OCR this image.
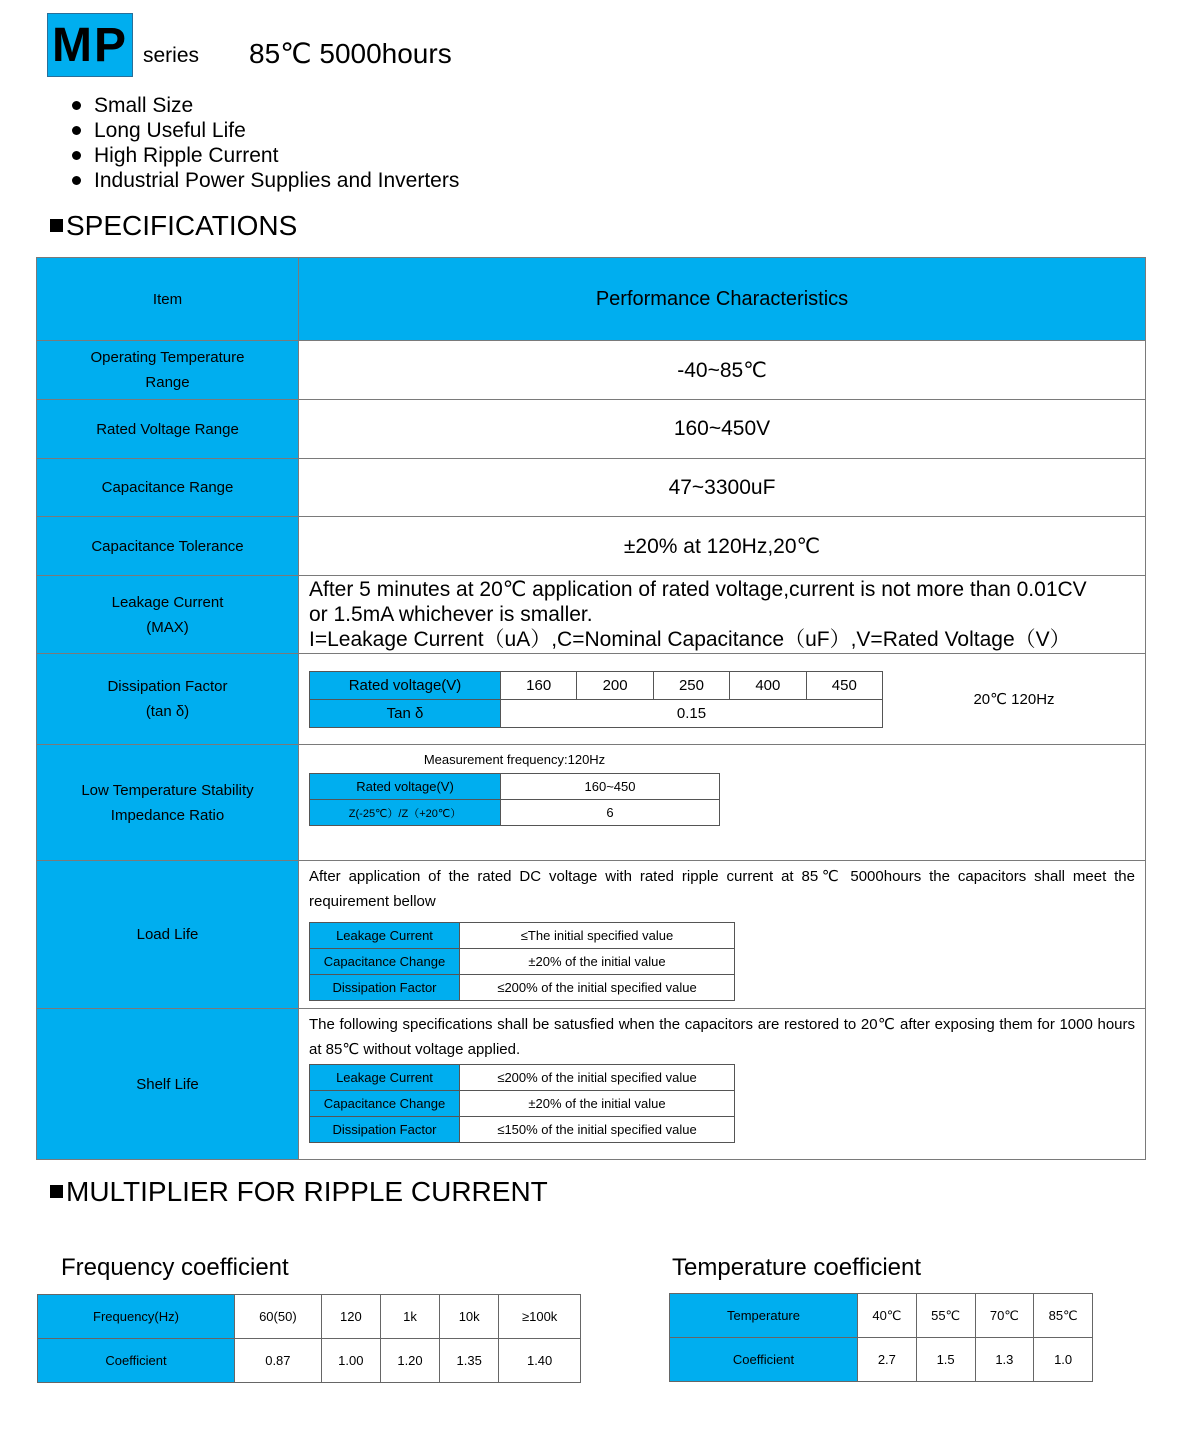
MP series 85℃ 5000hours
Small Size
Long Useful Life
High Ripple Current
Industrial Power Supplies and Inverters
SPECIFICATIONS
Item	Performance Characteristics

Operating Temperature
Range
	-40~85℃
Rated Voltage Range	160~450V
Capacitance Range	47~3300uF
Capacitance Tolerance	±20% at 120Hz,20℃

Leakage Current
(MAX)

After 5 minutes at 20℃ application of rated voltage,current is not more than 0.01CV
or 1.5mA whichever is smaller.
I=Leakage Current（uA）,C=Nominal Capacitance（uF）,V=Rated Voltage（V）

Dissipation Factor
(tan δ)

Rated voltage(V)	160	200	250	400	450
Tan δ	0.15
20℃ 120Hz

Low Temperature Stability
Impedance Ratio

Measurement frequency:120Hz
Rated voltage(V)	160~450
Z(-25℃）/Z（+20℃）	6

Load Life	
After application of the rated DC voltage with rated ripple current at 85℃ 5000hours the capacitors shall meet the requirement bellow
Leakage Current	≤The initial specified value
Capacitance Change	±20% of the initial value
Dissipation Factor	≤200% of the initial specified value

Shelf Life	
The following specifications shall be satusfied when the capacitors are restored to 20℃ after exposing them for 1000 hours at 85℃ without voltage applied.
Leakage Current	≤200% of the initial specified value
Capacitance Change	±20% of the initial value
Dissipation Factor	≤150% of the initial specified value
MULTIPLIER FOR RIPPLE CURRENT
Frequency coefficient
Frequency(Hz)	60(50)	120	1k	10k	≥100k
Coefficient	0.87	1.00	1.20	1.35	1.40
Temperature coefficient
Temperature	40℃	55℃	70℃	85℃
Coefficient	2.7	1.5	1.3	1.0
